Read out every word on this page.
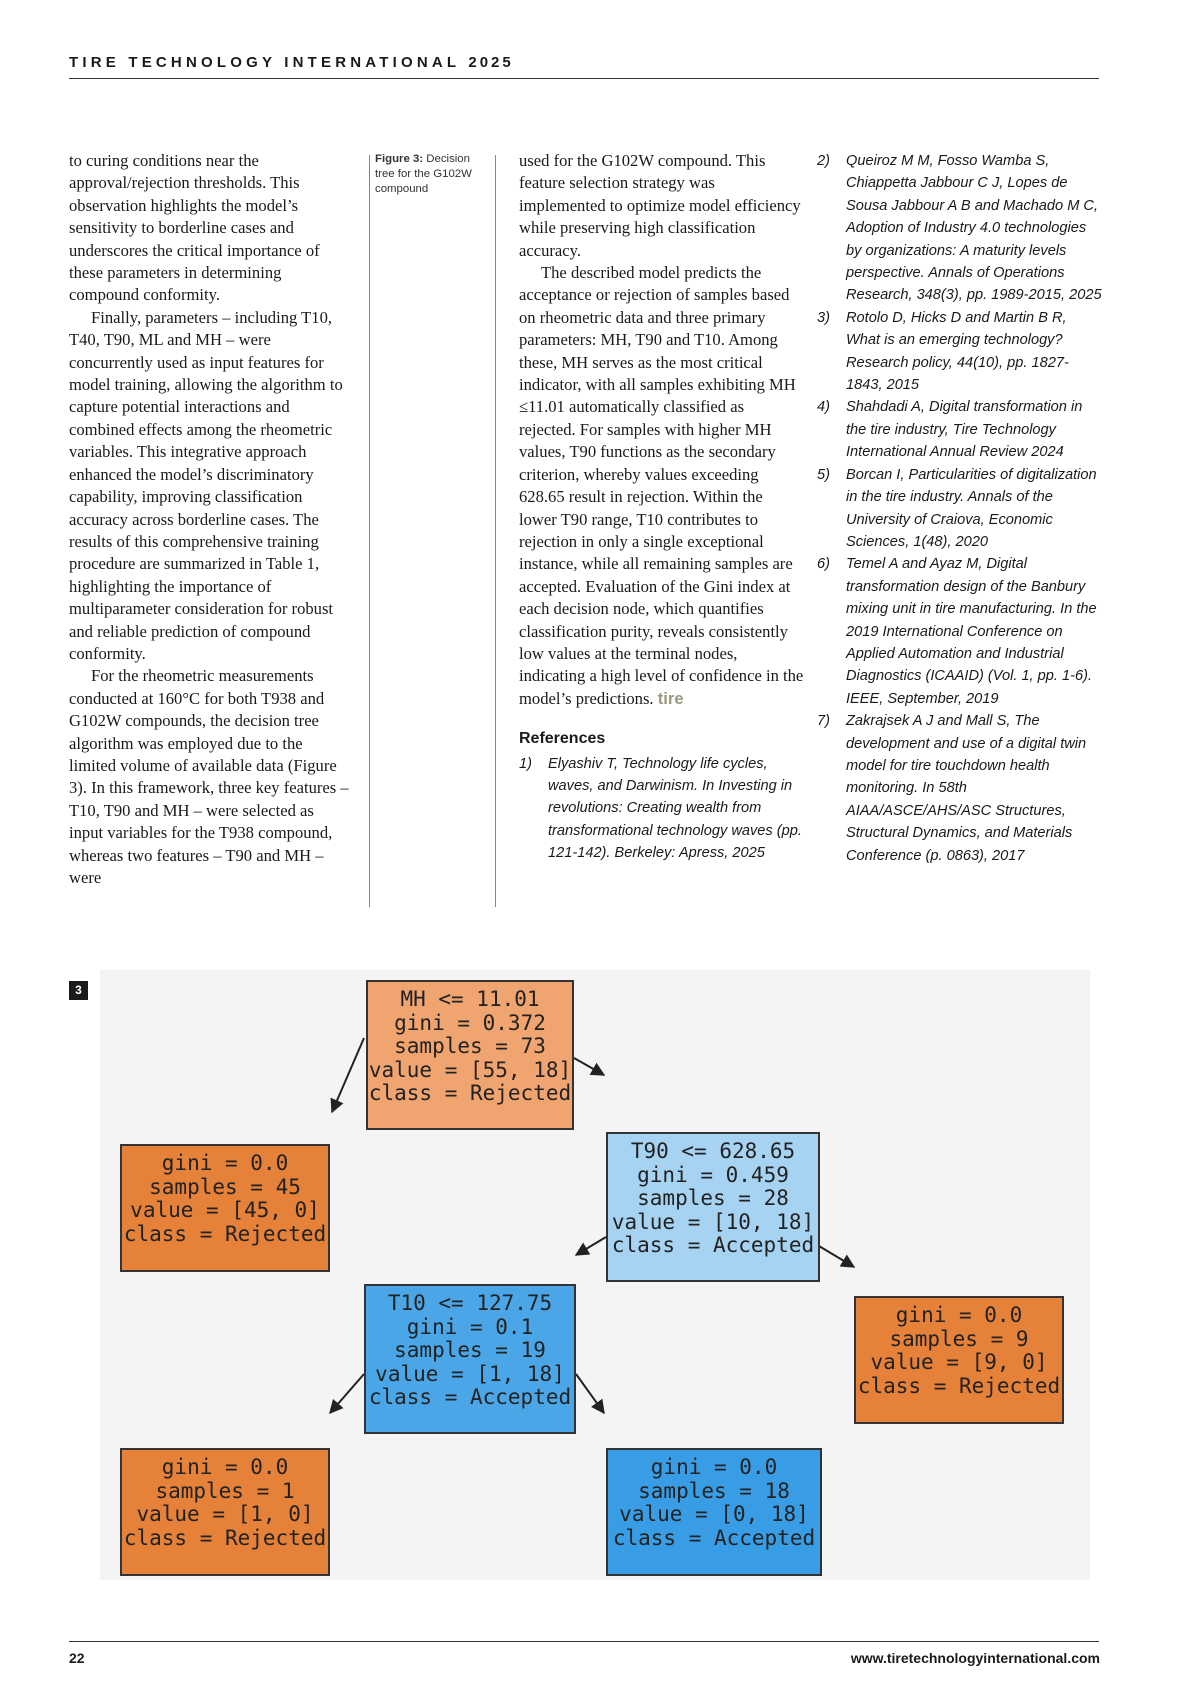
TIRE TECHNOLOGY INTERNATIONAL 2025

to curing conditions near the approval/rejection thresholds. This observation highlights the model’s sensitivity to borderline cases and underscores the critical importance of these parameters in determining compound conformity.

Finally, parameters – including T10, T40, T90, ML and MH – were concurrently used as input features for model training, allowing the algorithm to capture potential interactions and combined effects among the rheometric variables. This integrative approach enhanced the model’s discriminatory capability, improving classification accuracy across borderline cases. The results of this comprehensive training procedure are summarized in Table 1, highlighting the importance of multiparameter consideration for robust and reliable prediction of compound conformity.

For the rheometric measurements conducted at 160°C for both T938 and G102W compounds, the decision tree algorithm was employed due to the limited volume of available data (Figure 3). In this framework, three key features – T10, T90 and MH – were selected as input variables for the T938 compound, whereas two features – T90 and MH – were

Figure 3: Decision tree for the G102W compound

used for the G102W compound. This feature selection strategy was implemented to optimize model efficiency while preserving high classification accuracy.

The described model predicts the acceptance or rejection of samples based on rheometric data and three primary parameters: MH, T90 and T10. Among these, MH serves as the most critical indicator, with all samples exhibiting MH ≤11.01 automatically classified as rejected. For samples with higher MH values, T90 functions as the secondary criterion, whereby values exceeding 628.65 result in rejection. Within the lower T90 range, T10 contributes to rejection in only a single exceptional instance, while all remaining samples are accepted. Evaluation of the Gini index at each decision node, which quantifies classification purity, reveals consistently low values at the terminal nodes, indicating a high level of confidence in the model’s predictions. tire

References
1) Elyashiv T, Technology life cycles, waves, and Darwinism. In Investing in revolutions: Creating wealth from transformational technology waves (pp. 121-142). Berkeley: Apress, 2025
2) Queiroz M M, Fosso Wamba S, Chiappetta Jabbour C J, Lopes de Sousa Jabbour A B and Machado M C, Adoption of Industry 4.0 technologies by organizations: A maturity levels perspective. Annals of Operations Research, 348(3), pp. 1989-2015, 2025
3) Rotolo D, Hicks D and Martin B R, What is an emerging technology? Research policy, 44(10), pp. 1827-1843, 2015
4) Shahdadi A, Digital transformation in the tire industry, Tire Technology International Annual Review 2024
5) Borcan I, Particularities of digitalization in the tire industry. Annals of the University of Craiova, Economic Sciences, 1(48), 2020
6) Temel A and Ayaz M, Digital transformation design of the Banbury mixing unit in tire manufacturing. In the 2019 International Conference on Applied Automation and Industrial Diagnostics (ICAAID) (Vol. 1, pp. 1-6). IEEE, September, 2019
7) Zakrajsek A J and Mall S, The development and use of a digital twin model for tire touchdown health monitoring. In 58th AIAA/ASCE/AHS/ASC Structures, Structural Dynamics, and Materials Conference (p. 0863), 2017
3	MH <= 11.01
gini = 0.372
samples = 73
value = [55, 18]
class = Rejected
gini = 0.0
samples = 45
value = [45, 0]
class = Rejected
T90 <= 628.65
gini = 0.459
samples = 28
value = [10, 18]
class = Accepted
T10 <= 127.75
gini = 0.1
samples = 19
value = [1, 18]
class = Accepted
gini = 0.0
samples = 9
value = [9, 0]
class = Rejected
gini = 0.0
samples = 1
value = [1, 0]
class = Rejected
gini = 0.0
samples = 18
value = [0, 18]
class = Accepted
22	www.tiretechnologyinternational.com
